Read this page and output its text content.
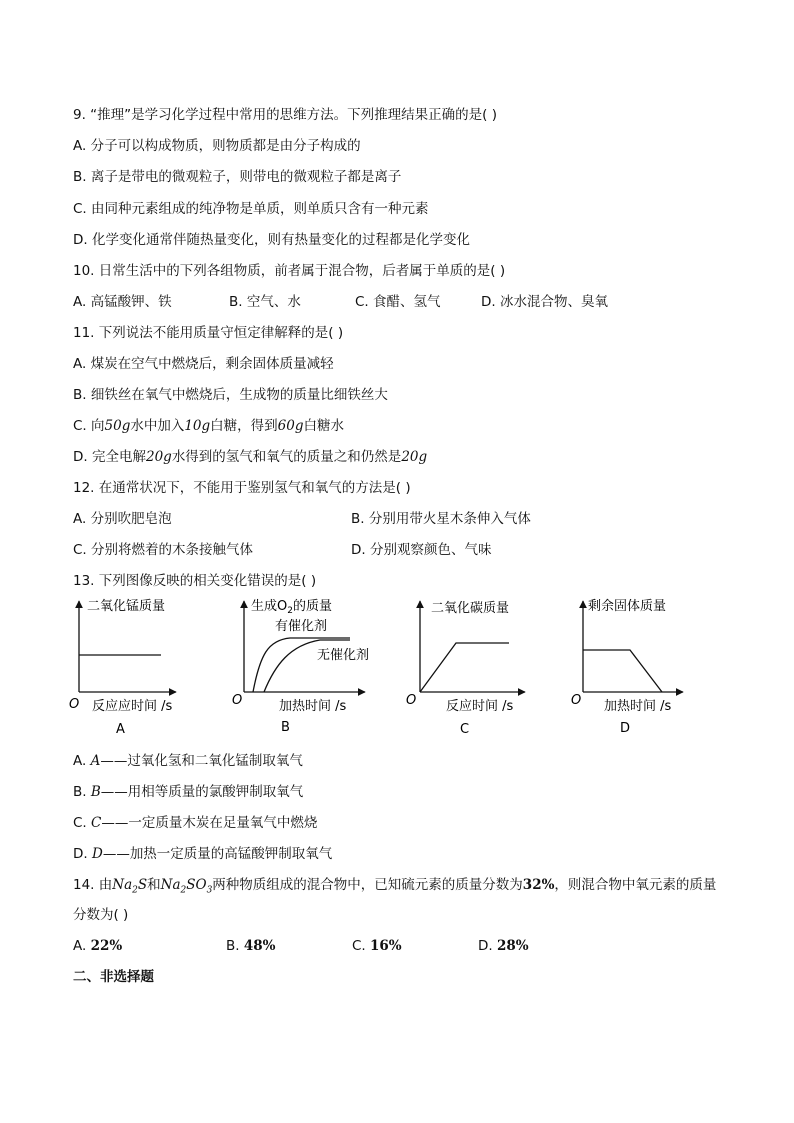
9. “推理”是学习化学过程中常用的思维方法。下列推理结果正确的是( )
A. 分子可以构成物质，则物质都是由分子构成的
B. 离子是带电的微观粒子，则带电的微观粒子都是离子
C. 由同种元素组成的纯净物是单质，则单质只含有一种元素
D. 化学变化通常伴随热量变化，则有热量变化的过程都是化学变化
10. 日常生活中的下列各组物质，前者属于混合物，后者属于单质的是( )
A. 高锰酸钾、铁	B. 空气、水	C. 食醋、氢气	D. 冰水混合物、臭氧
11. 下列说法不能用质量守恒定律解释的是( )
A. 煤炭在空气中燃烧后，剩余固体质量减轻
B. 细铁丝在氧气中燃烧后，生成物的质量比细铁丝大
C. 向50g水中加入10g白糖，得到60g白糖水
D. 完全电解20g水得到的氢气和氧气的质量之和仍然是20g
12. 在通常状况下，不能用于鉴别氢气和氧气的方法是( )
A. 分别吹肥皂泡	B. 分别用带火星木条伸入气体
C. 分别将燃着的木条接触气体	D. 分别观察颜色、气味
13. 下列图像反映的相关变化错误的是( )
二氧化锰质量
反应应时间 /s
O
A
生成$O_2$的质量
有催化剂
无催化剂
加热时间 /s
O
B
二氧化碳质量
反应时间 /s
O
C
剩余固体质量
加热时间 /s
O
D
A. A——过氧化氢和二氧化锰制取氧气
B. B——用相等质量的氯酸钾制取氧气
C. C——一定质量木炭在足量氧气中燃烧
D. D——加热一定质量的高锰酸钾制取氧气
14. 由$Na_2S$和$Na_2SO_3$两种物质组成的混合物中，已知硫元素的质量分数为32%，则混合物中氧元素的质量
分数为( )
A. 22%	B. 48%	C. 16%	D. 28%
二、非选择题
